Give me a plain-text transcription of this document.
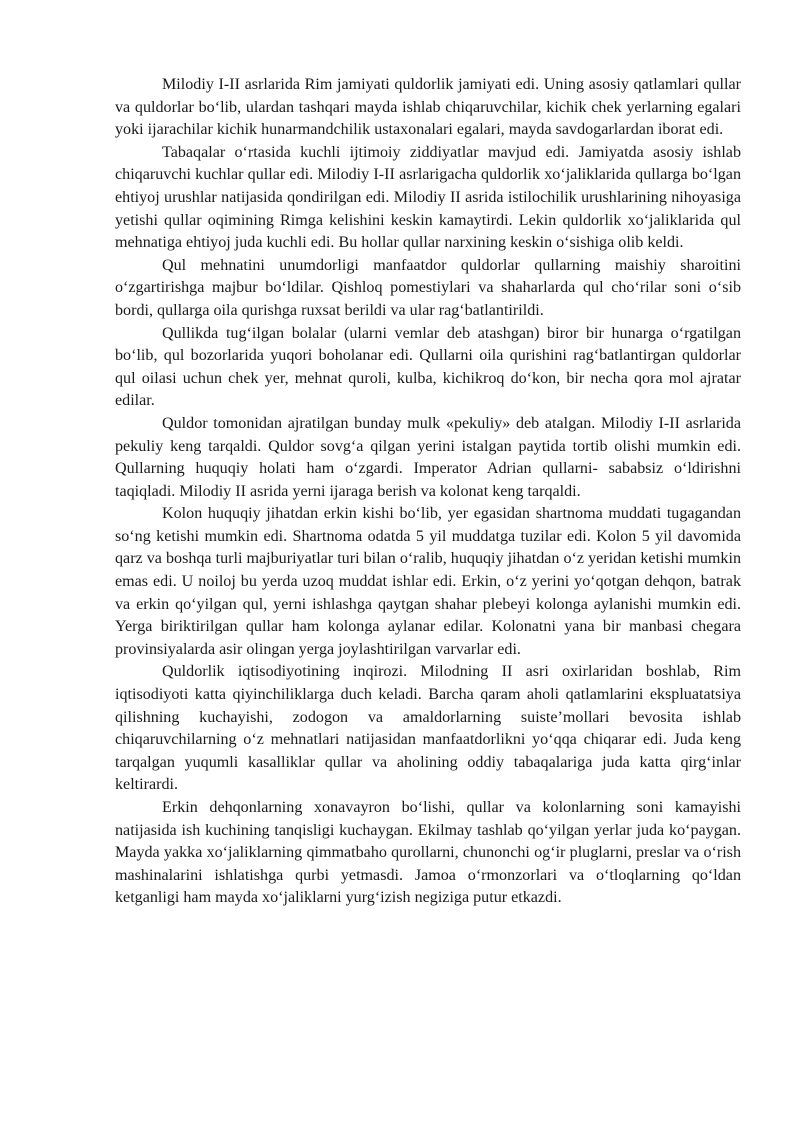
Milodiy I-II asrlarida Rim jamiyati quldorlik jamiyati edi. Uning asosiy qatlamlari qullar va quldorlar bo‘lib, ulardan tashqari mayda ishlab chiqaruvchilar, kichik chek yerlarning egalari yoki ijarachilar kichik hunarmandchilik ustaxonalari egalari, mayda savdogarlardan iborat edi.

Tabaqalar o‘rtasida kuchli ijtimoiy ziddiyatlar mavjud edi. Jamiyatda asosiy ishlab chiqaruvchi kuchlar qullar edi. Milodiy I-II asrlarigacha quldorlik xo‘jaliklarida qullarga bo‘lgan ehtiyoj urushlar natijasida qondirilgan edi. Milodiy II asrida istilochilik urushlarining nihoyasiga yetishi qullar oqimining Rimga kelishini keskin kamaytirdi. Lekin quldorlik xo‘jaliklarida qul mehnatiga ehtiyoj juda kuchli edi. Bu hollar qullar narxining keskin o‘sishiga olib keldi.

Qul mehnatini unumdorligi manfaatdor quldorlar qullarning maishiy sharoitini o‘zgartirishga majbur bo‘ldilar. Qishloq pomestiylari va shaharlarda qul cho‘rilar soni o‘sib bordi, qullarga oila qurishga ruxsat berildi va ular rag‘batlantirildi.

Qullikda tug‘ilgan bolalar (ularni vemlar deb atashgan) biror bir hunarga o‘rgatilgan bo‘lib, qul bozorlarida yuqori boholanar edi. Qullarni oila qurishini rag‘batlantirgan quldorlar qul oilasi uchun chek yer, mehnat quroli, kulba, kichikroq do‘kon, bir necha qora mol ajratar edilar.

Quldor tomonidan ajratilgan bunday mulk «pekuliy» deb atalgan. Milodiy I-II asrlarida pekuliy keng tarqaldi. Quldor sovg‘a qilgan yerini istalgan paytida tortib olishi mumkin edi. Qullarning huquqiy holati ham o‘zgardi. Imperator Adrian qullarni- sababsiz o‘ldirishni taqiqladi. Milodiy II asrida yerni ijaraga berish va kolonat keng tarqaldi.

Kolon huquqiy jihatdan erkin kishi bo‘lib, yer egasidan shartnoma muddati tugagandan so‘ng ketishi mumkin edi. Shartnoma odatda 5 yil muddatga tuzilar edi. Kolon 5 yil davomida qarz va boshqa turli majburiyatlar turi bilan o‘ralib, huquqiy jihatdan o‘z yeridan ketishi mumkin emas edi. U noiloj bu yerda uzoq muddat ishlar edi. Erkin, o‘z yerini yo‘qotgan dehqon, batrak va erkin qo‘yilgan qul, yerni ishlashga qaytgan shahar plebeyi kolonga aylanishi mumkin edi. Yerga biriktirilgan qullar ham kolonga aylanar edilar. Kolonatni yana bir manbasi chegara provinsiyalarda asir olingan yerga joylashtirilgan varvarlar edi.

Quldorlik iqtisodiyotining inqirozi. Milodning II asri oxirlaridan boshlab, Rim iqtisodiyoti katta qiyinchiliklarga duch keladi. Barcha qaram aholi qatlamlarini ekspluatatsiya qilishning kuchayishi, zodogon va amaldorlarning suiste’mollari bevosita ishlab chiqaruvchilarning o‘z mehnatlari natijasidan manfaatdorlikni yo‘qqa chiqarar edi. Juda keng tarqalgan yuqumli kasalliklar qullar va aholining oddiy tabaqalariga juda katta qirg‘inlar keltirardi.

Erkin dehqonlarning xonavayron bo‘lishi, qullar va kolonlarning soni kamayishi natijasida ish kuchining tanqisligi kuchaygan. Ekilmay tashlab qo‘yilgan yerlar juda ko‘paygan. Mayda yakka xo‘jaliklarning qimmatbaho qurollarni, chunonchi og‘ir pluglarni, preslar va o‘rish mashinalarini ishlatishga qurbi yetmasdi. Jamoa o‘rmonzorlari va o‘tloqlarning qo‘ldan ketganligi ham mayda xo‘jaliklarni yurg‘izish negiziga putur etkazdi.
